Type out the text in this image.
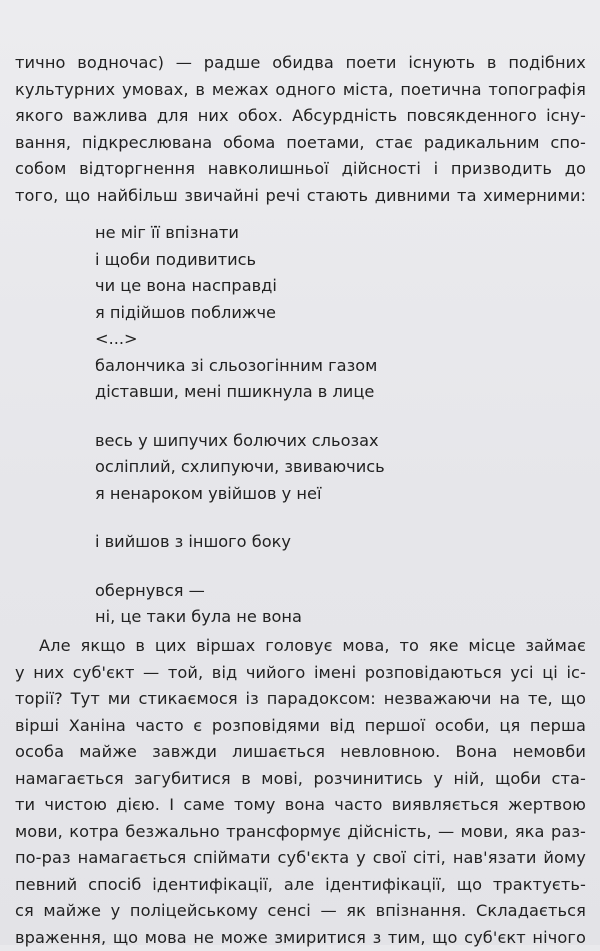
тично водночас) — радше обидва поети існують в подібних
культурних умовах, в межах одного міста, поетична топографія
якого важлива для них обох. Абсурдність повсякденного існу-
вання, підкреслювана обома поетами, стає радикальним спо-
собом відторгнення навколишньої дійсності і призводить до
того, що найбільш звичайні речі стають дивними та химерними:
не міг її впізнати
і щоби подивитись
чи це вона насправді
я підійшов поближче
<...>
балончика зі сльозогінним газом
діставши, мені пшикнула в лице
весь у шипучих болючих сльозах
осліплий, схлипуючи, звиваючись
я ненароком увійшов у неї
і вийшов з іншого боку
обернувся —
ні, це таки була не вона
Але якщо в цих віршах головує мова, то яке місце займає
у них суб'єкт — той, від чийого імені розповідаються усі ці іс-
торії? Тут ми стикаємося із парадоксом: незважаючи на те, що
вірші Ханіна часто є розповідями від першої особи, ця перша
особа майже завжди лишається невловною. Вона немовби
намагається загубитися в мові, розчинитись у ній, щоби ста-
ти чистою дією. І саме тому вона часто виявляється жертвою
мови, котра безжально трансформує дійсність, — мови, яка раз-
по-раз намагається спіймати суб'єкта у свої сіті, нав'язати йому
певний спосіб ідентифікації, але ідентифікації, що трактуєть-
ся майже у поліцейському сенсі — як впізнання. Складається
враження, що мова не може змиритися з тим, що суб'єкт нічого
